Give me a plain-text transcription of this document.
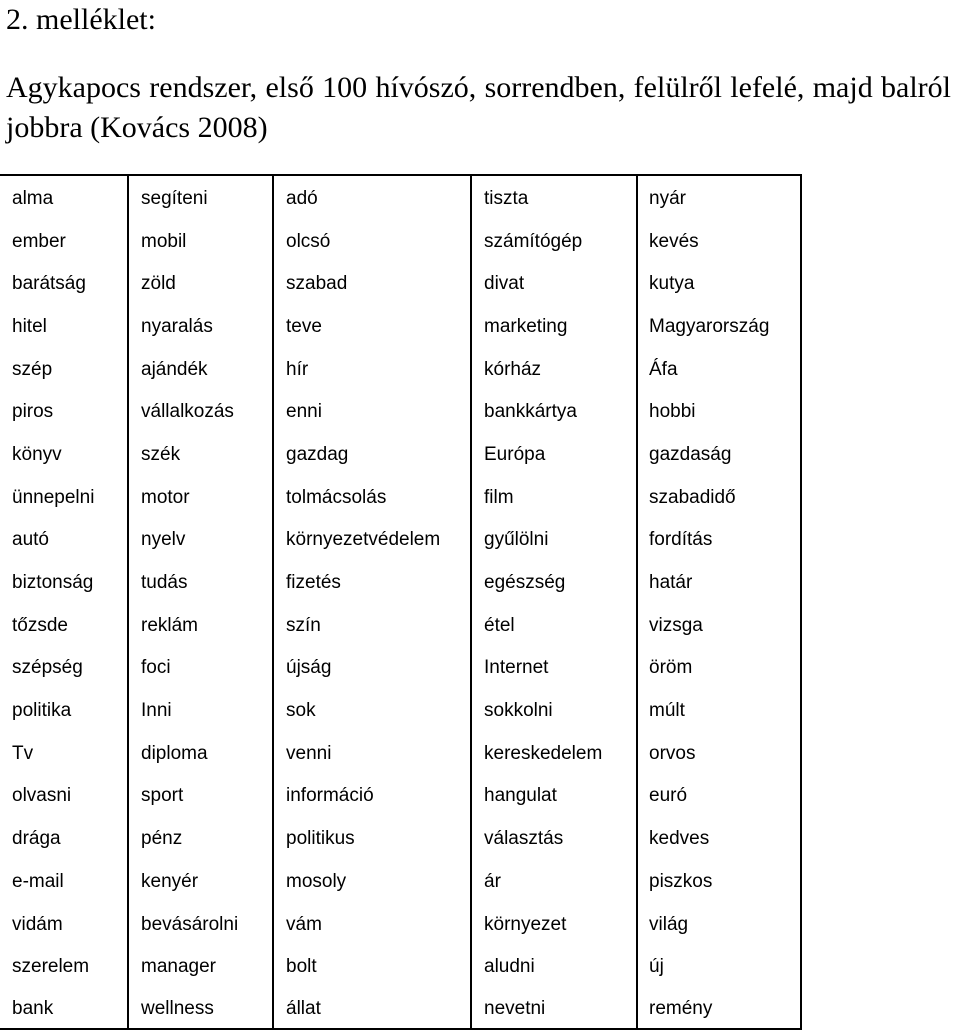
2. melléklet:

Agykapocs rendszer, első 100 hívószó, sorrendben, felülről lefelé, majd balról jobbra (Kovács 2008)

alma	segíteni	adó	tiszta	nyár
ember	mobil	olcsó	számítógép	kevés
barátság	zöld	szabad	divat	kutya
hitel	nyaralás	teve	marketing	Magyarország
szép	ajándék	hír	kórház	Áfa
piros	vállalkozás	enni	bankkártya	hobbi
könyv	szék	gazdag	Európa	gazdaság
ünnepelni	motor	tolmácsolás	film	szabadidő
autó	nyelv	környezetvédelem	gyűlölni	fordítás
biztonság	tudás	fizetés	egészség	határ
tőzsde	reklám	szín	étel	vizsga
szépség	foci	újság	Internet	öröm
politika	Inni	sok	sokkolni	múlt
Tv	diploma	venni	kereskedelem	orvos
olvasni	sport	információ	hangulat	euró
drága	pénz	politikus	választás	kedves
e-mail	kenyér	mosoly	ár	piszkos
vidám	bevásárolni	vám	környezet	világ
szerelem	manager	bolt	aludni	új
bank	wellness	állat	nevetni	remény
